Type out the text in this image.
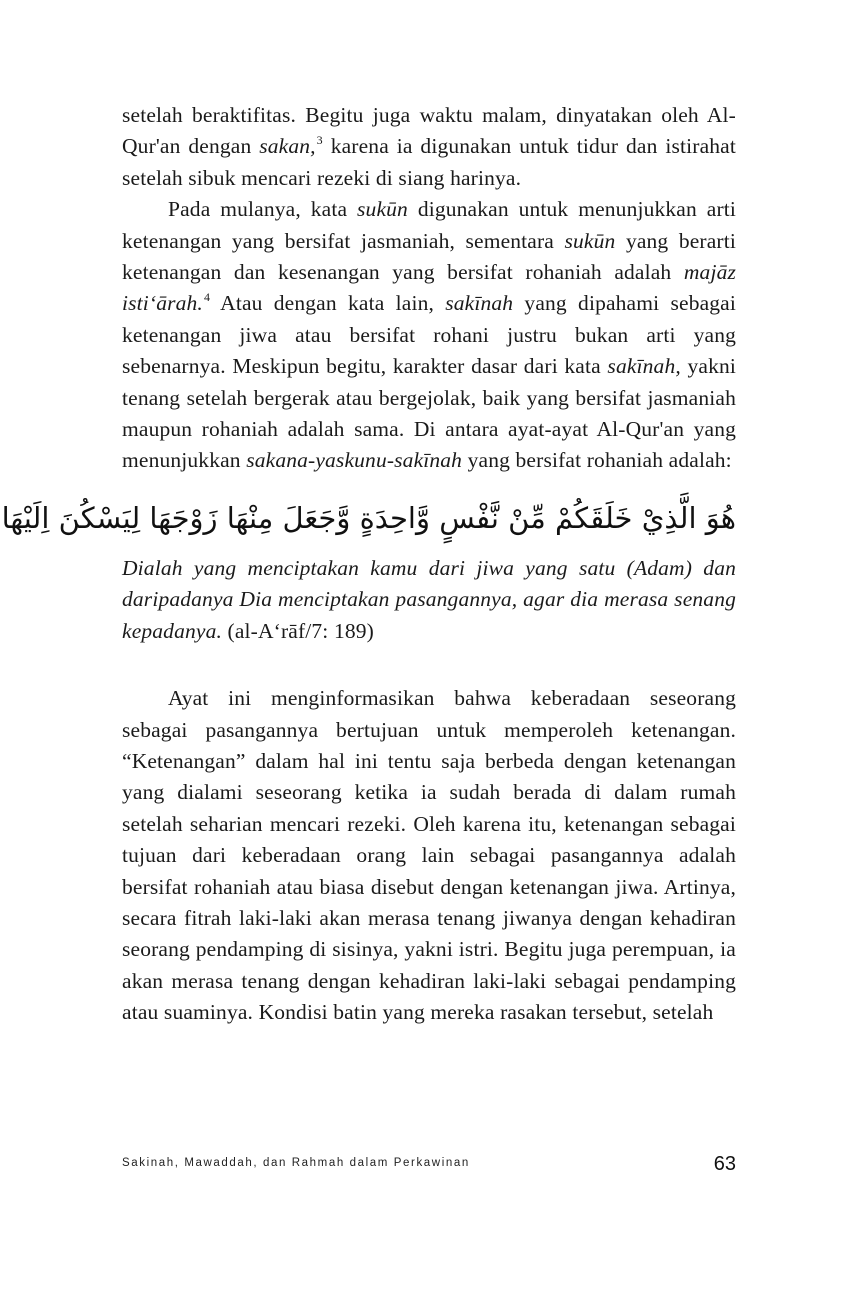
setelah beraktifitas. Begitu juga waktu malam, dinyatakan oleh Al-Qur'an dengan sakan,$^3$ karena ia digunakan untuk tidur dan istirahat setelah sibuk mencari rezeki di siang harinya.

Pada mulanya, kata sukūn digunakan untuk menunjukkan arti ketenangan yang bersifat jasmaniah, sementara sukūn yang berarti ketenangan dan kesenangan yang bersifat rohaniah adalah majāz isti‘ārah.$^4$ Atau dengan kata lain, sakīnah yang dipahami sebagai ketenangan jiwa atau bersifat rohani justru bukan arti yang sebenarnya. Meskipun begitu, karakter dasar dari kata sakīnah, yakni tenang setelah bergerak atau bergejolak, baik yang bersifat jasmaniah maupun rohaniah adalah sama. Di antara ayat-ayat Al-Qur'an yang menunjukkan sakana-yaskunu-sakīnah yang bersifat rohaniah adalah:

هُوَ الَّذِيْ خَلَقَكُمْ مِّنْ نَّفْسٍ وَّاحِدَةٍ وَّجَعَلَ مِنْهَا زَوْجَهَا لِيَسْكُنَ اِلَيْهَا

Dialah yang menciptakan kamu dari jiwa yang satu (Adam) dan daripadanya Dia menciptakan pasangannya, agar dia merasa senang kepadanya. (al-A‘rāf/7: 189)

Ayat ini menginformasikan bahwa keberadaan seseorang sebagai pasangannya bertujuan untuk memperoleh ketenangan. “Ketenangan” dalam hal ini tentu saja berbeda dengan ketenangan yang dialami seseorang ketika ia sudah berada di dalam rumah setelah seharian mencari rezeki. Oleh karena itu, ketenangan sebagai tujuan dari keberadaan orang lain sebagai pasangannya adalah bersifat rohaniah atau biasa disebut dengan ketenangan jiwa. Artinya, secara fitrah laki-laki akan merasa tenang jiwanya dengan kehadiran seorang pendamping di sisinya, yakni istri. Begitu juga perempuan, ia akan merasa tenang dengan kehadiran laki-laki sebagai pendamping atau suaminya. Kondisi batin yang mereka rasakan tersebut, setelah

Sakinah, Mawaddah, dan Rahmah dalam Perkawinan	63
